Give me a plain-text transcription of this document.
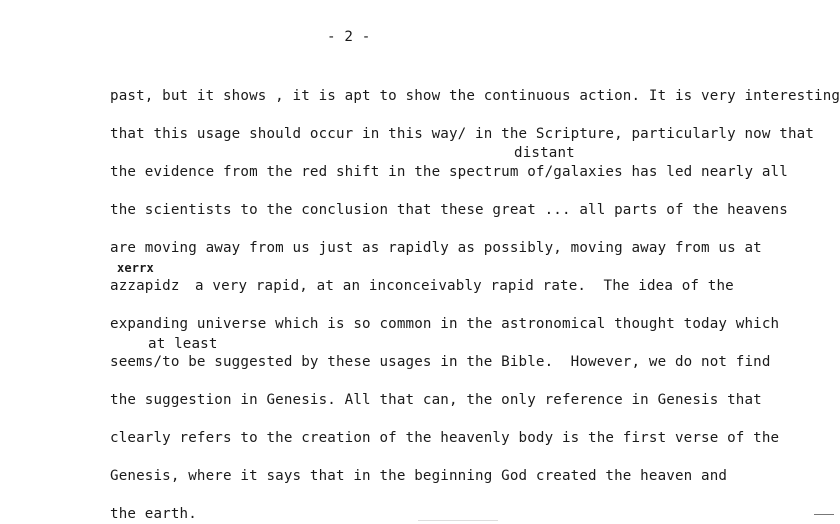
- 2 -
distant
xerrx
azzapidz
at least
past, but it shows , it is apt to show the continuous action. It is very interesting
that this usage should occur in this way/ in the Scripture, particularly now that
the evidence from the red shift in the spectrum of/galaxies has led nearly all
the scientists to the conclusion that these great ... all parts of the heavens
are moving away from us just as rapidly as possibly, moving away from us at
a very rapid, at an inconceivably rapid rate.  The idea of the
expanding universe which is so common in the astronomical thought today which
seems/to be suggested by these usages in the Bible.  However, we do not find
the suggestion in Genesis. All that can, the only reference in Genesis that
clearly refers to the creation of the heavenly body is the first verse of the
Genesis, where it says that in the beginning God created the heaven and
the earth.
